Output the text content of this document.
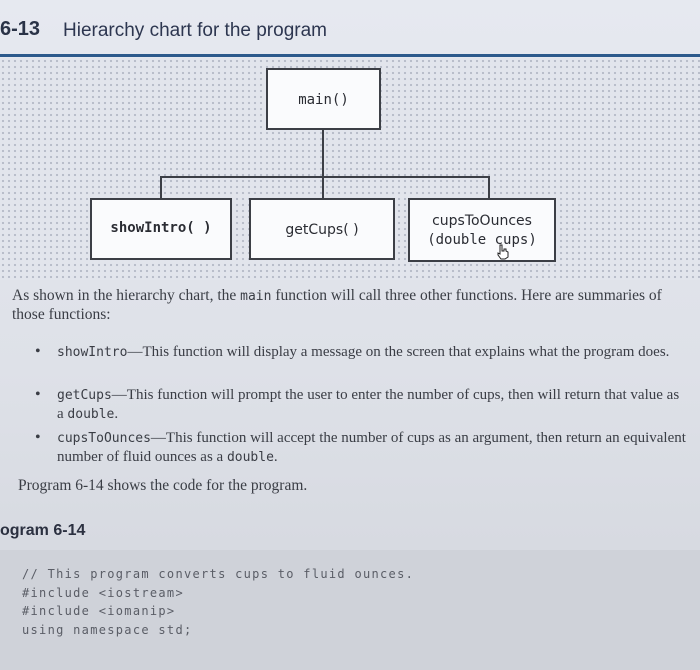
6-13 Hierarchy chart for the program
main()
showIntro( )	getCups( )
cupsToOunces
(double cups)
As shown in the hierarchy chart, the main function will call three other functions. Here are summaries of those functions:
• showIntro—This function will display a message on the screen that explains what the program does.
• getCups—This function will prompt the user to enter the number of cups, then will return that value as a double.
• cupsToOunces—This function will accept the number of cups as an argument, then return an equivalent number of fluid ounces as a double.
Program 6-14 shows the code for the program.
ogram 6-14
// This program converts cups to fluid ounces.
#include <iostream>
#include <iomanip>
using namespace std;
